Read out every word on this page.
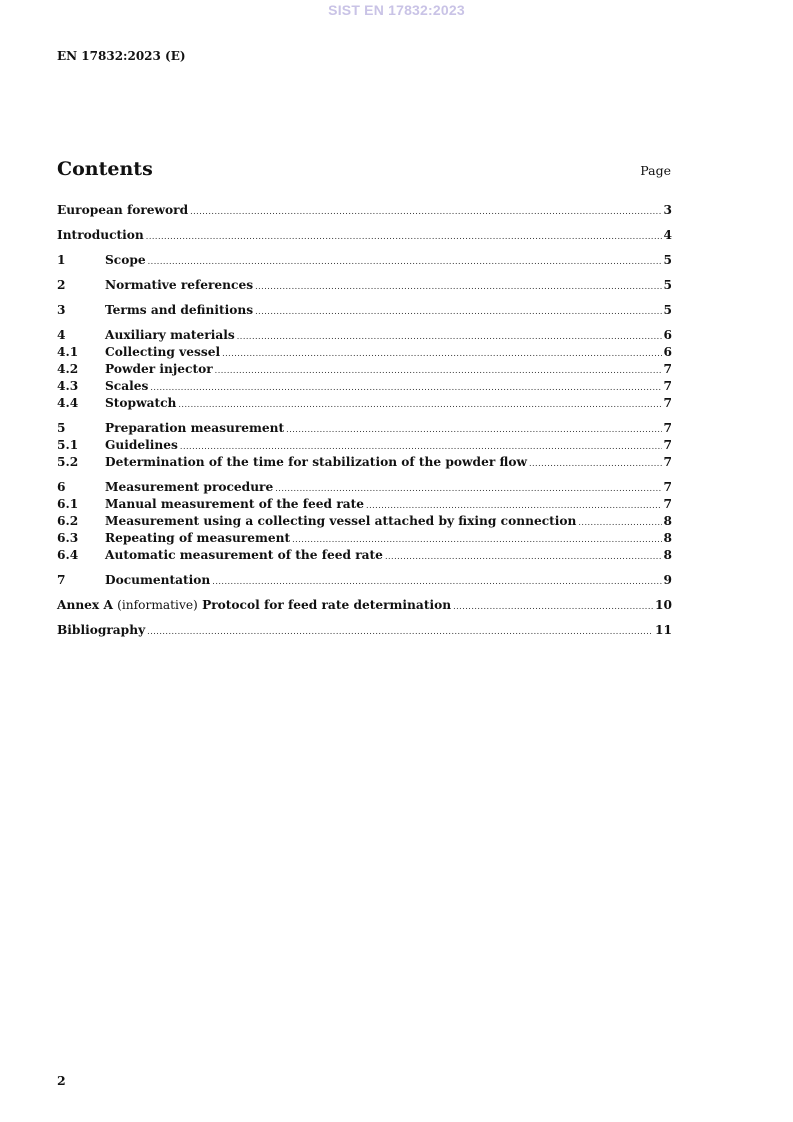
SIST EN 17832:2023
EN 17832:2023 (E)
Contents	Page
European foreword .....	3
Introduction .....	4
1	Scope .....	5
2	Normative references .....	5
3	Terms and definitions .....	5
4	Auxiliary materials .....	6
4.1	Collecting vessel .....	6
4.2	Powder injector .....	7
4.3	Scales .....	7
4.4	Stopwatch .....	7
5	Preparation measurement .....	7
5.1	Guidelines .....	7
5.2	Determination of the time for stabilization of the powder flow .....	7
6	Measurement procedure .....	7
6.1	Manual measurement of the feed rate .....	7
6.2	Measurement using a collecting vessel attached by fixing connection .....	8
6.3	Repeating of measurement .....	8
6.4	Automatic measurement of the feed rate .....	8
7	Documentation .....	9
Annex A (informative) Protocol for feed rate determination .....	10
Bibliography .....	11
2
